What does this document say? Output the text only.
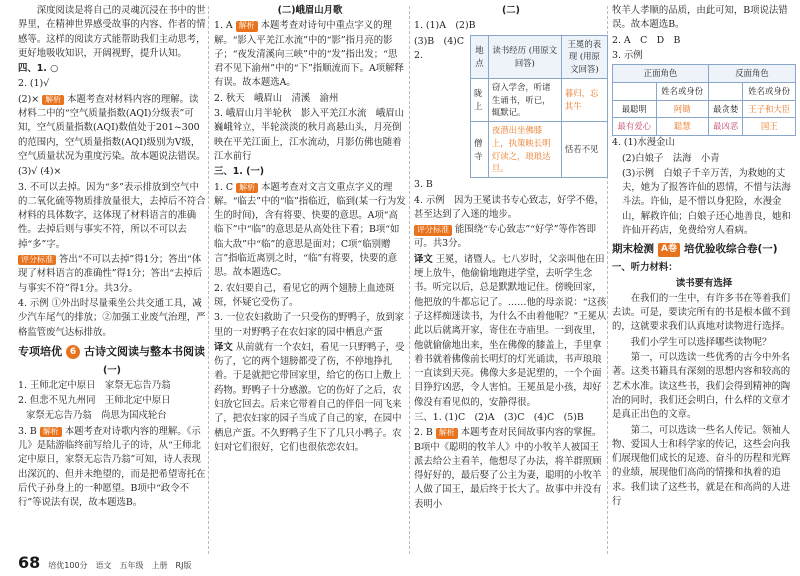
深度阅读是将自己的灵魂沉浸在书中的世界里，在精神世界感受故事的内容、作者的情感等。这样的阅读方式能帮助我们主动思考，更好地吸收知识，开阔视野，提升认知。

四、1. ○

2. (1)√

(2)× 解析 本题考查对材料内容的理解。读材料二中的“空气质量指数(AQI)分级表”可知，空气质量指数(AQI)数值处于201~300的范围内，空气质量指数(AQI)级别为Ⅴ级，空气质量状况为重度污染。故本题说法错误。

(3)√ (4)×

3. 不可以去掉。因为“多”表示排放到空气中的二氧化硫等物质排放量很大，去掉后不符合材料的具体数字，这体现了材料语言的准确性。去掉后则与事实不符，所以不可以去掉“多”字。

评分标准 答出“不可以去掉”得1分；答出“体现了材料语言的准确性”得1分；答出“去掉后与事实不符”得1分。共3分。

4. 示例 ①外出时尽量乘坐公共交通工具，减少汽车尾气的排放；②加强工业废气治理，严格监管废气达标排放。

专项培优 6 古诗文阅读与整本书阅读

(一)

1. 王师北定中原日　家祭无忘告乃翁

2. 但悲不见九州同　王师北定中原日

家祭无忘告乃翁　尚思为国戍轮台

3. B 解析 本题考查对诗歌内容的理解。《示儿》是陆游临终前写给儿子的诗，从“王师北定中原日，家祭无忘告乃翁”可知，诗人表现出深沉的、但并未绝望的，而是把希望寄托在后代子孙身上的一种愿望。B项中“政令不行”等说法有误，故本题选B。

68 培优100分　语文　五年级　上册　RJ版

(二)峨眉山月歌

1. A 解析 本题考查对诗句中重点字义的理解。“影入平羌江水流”中的“影”指月亮的影子；“夜发清溪向三峡”中的“发”指出发；“思君不见下渝州”中的“下”指顺流而下。A项解释有误。故本题选A。

2. 秋天　峨眉山　清溪　渝州

3. 峨眉山月半轮秋　影入平羌江水流　峨眉山巍峨耸立，半轮淡淡的秋月高悬山头，月亮倒映在平羌江面上，江水流动，月影仿佛也随着江水前行

三、1. (一)

1. C 解析 本题考查对文言文重点字义的理解。“临去”中的“临”指临近，临到(某一行为发生的时间)，含有将要、快要的意思。A项“高临下”中“临”的意思是从高处往下看；B项“如临大敌”中“临”的意思是面对；C项“临别赠言”指临近离别之时，“临”有将要，快要的意思。故本题选C。

2. 农妇要自己，看见它的两个翅膀上血迹斑斑，怀疑它受伤了。

3. 一位农妇救助了一只受伤的野鸭子，放到家里的一对野鸭子在农妇家的园中栖息产蛋

译文 从前就有一个农妇，看见一只野鸭子，受伤了，它的两个翅膀都受了伤，不停地挣扎着。于是就把它带回家里，给它的伤口上敷上药物。野鸭子十分感激。它的伤好了之后，农妇放它回去。后来它带着自己的伴侣一同飞来了，把农妇家的园子当成了自己的家，在园中栖息产蛋。不久野鸭子生下了几只小鸭子。农妇对它们很好，它们也很依恋农妇。

(二)

1. (1)A　(2)B

(3)B　(4)C
2.	地点	读书经历 (用原文回答)	王冕的表现 (用原文回答)
陇上	窃入学舍，听诸生诵书，听已，辄默记。	暮归，忘其牛
僧寺	夜潜出坐佛膝上，执策映长明灯读之，琅琅达旦。	恬若不见

3. B

4. 示例　因为王冕读书专心致志，好学不倦，甚至达到了入迷的地步。

评分标准 能围绕“专心致志”“好学”等作答即可。共3分。

译文 王冕，诸暨人。七八岁时，父亲叫他在田埂上放牛，他偷偷地跑进学堂，去听学生念书。听完以后，总是默默地记住。傍晚回家，他把放的牛都忘记了。……他的母亲说：“这孩子这样痴迷读书，为什么不由着他呢？”王冕从此以后就离开家，寄住在寺庙里。一到夜里，他就偷偷地出来，坐在佛像的膝盖上，手里拿着书就着佛像前长明灯的灯光诵读，书声琅琅一直读到天亮。佛像大多是泥塑的，一个个面目狰狞凶恶，令人害怕。王冕虽是小孩，却好像没有看见似的，安静得很。

三、1. (1)C　(2)A　(3)C　(4)C　(5)B

2. B 解析 本题考查对民间故事内容的掌握。B项中《聪明的牧羊人》中的小牧羊人被国王派去给公主看羊，他想尽了办法，将羊群照顾得好好的，最后娶了公主为妻，聪明的小牧羊人做了国王，最后终于长大了。故事中并没有表明小

牧羊人孝顺的品质，由此可知，B项说法错误。故本题选B。

2. A　C　D　B

3. 示例

正面角色		反面角色	
	姓名或身份		姓名或身份
最聪明	阿锄	最贪婪	王子和大臣
最有爱心	聪慧	最凶恶	国王

4. (1)水漫金山

(2)白娘子　法海　小青

(3)示例　白娘子千辛万苦，为救她的丈夫，她为了报答许仙的恩情，不惜与法海斗法。许仙，是不惜以身犯险，水漫金山，解救许仙；白娘子还心地善良，她和许仙开药店，免费给穷人看病。

期末检测 A卷 培优验收综合卷(一)

一、听力材料：

读书要有选择

在我们的一生中，有许多书在等着我们去读。可是，要读完所有的书是根本做不到的，这就要求我们认真地对读物进行选择。

我们小学生可以选择哪些读物呢？

第一，可以选读一些优秀的古今中外名著。这类书籍具有深刻的思想内容和较高的艺术水准。读这些书，我们会得到精神的陶冶的同时，我们还会明白，什么样的文章才是真正出色的文章。

第二，可以选读一些名人传记。领袖人物、爱国人士和科学家的传记，这些会向我们展现他们成长的足迹、奋斗的历程和光辉的业绩，展现他们高尚的情操和执着的追求。我们读了这些书，就是在和高尚的人进行
